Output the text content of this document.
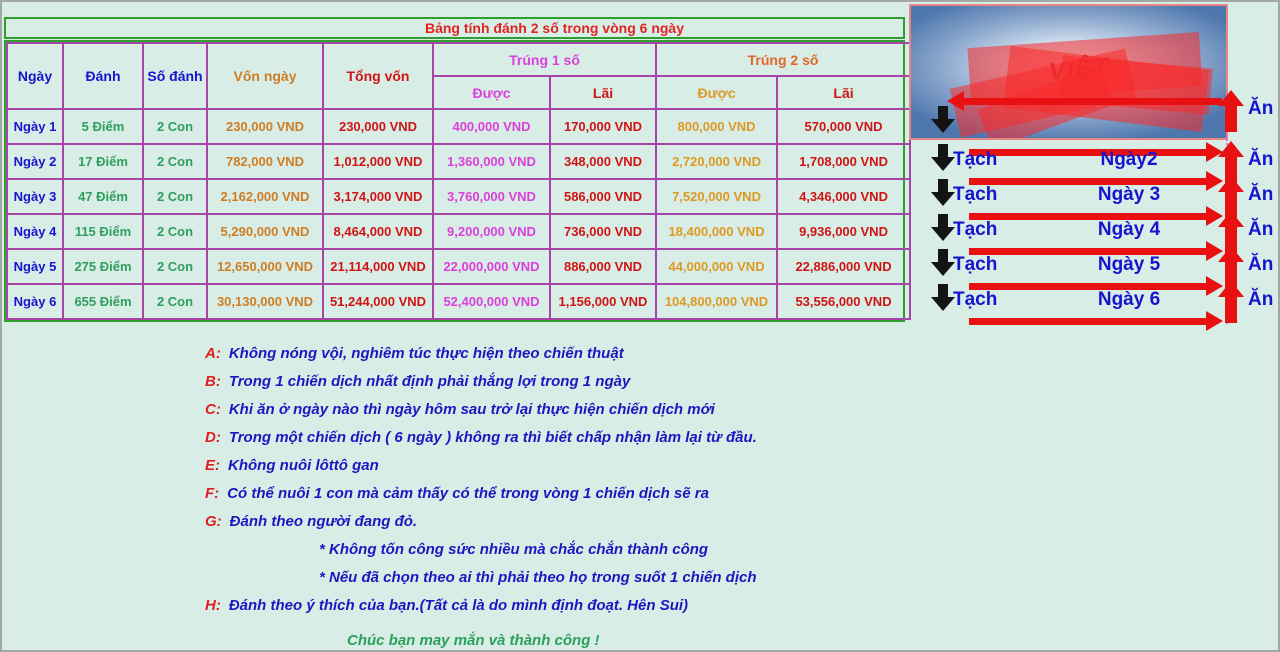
Bảng tính đánh 2 số trong vòng 6 ngày
Ngày	Đánh	Số đánh	Vốn ngày	Tổng vốn	Trúng 1 số		Trúng 2 số	
					Được	Lãi	Được	Lãi
Ngày 1	5 Điểm	2 Con	230,000 VND	230,000 VND	400,000 VND	170,000 VND	800,000 VND	570,000 VND
Ngày 2	17 Điểm	2 Con	782,000 VND	1,012,000 VND	1,360,000 VND	348,000 VND	2,720,000 VND	1,708,000 VND
Ngày 3	47 Điểm	2 Con	2,162,000 VND	3,174,000 VND	3,760,000 VND	586,000 VND	7,520,000 VND	4,346,000 VND
Ngày 4	115 Điểm	2 Con	5,290,000 VND	8,464,000 VND	9,200,000 VND	736,000 VND	18,400,000 VND	9,936,000 VND
Ngày 5	275 Điểm	2 Con	12,650,000 VND	21,114,000 VND	22,000,000 VND	886,000 VND	44,000,000 VND	22,886,000 VND
Ngày 6	655 Điểm	2 Con	30,130,000 VND	51,244,000 VND	52,400,000 VND	1,156,000 VND	104,800,000 VND	53,556,000 VND
Ăn
Ăn
Ăn
Ăn
Ăn
Ăn
Tạch	Ngày2
Tạch	Ngày 3
Tạch	Ngày 4
Tạch	Ngày 5
Tạch	Ngày 6
A: Không nóng vội, nghiêm túc thực hiện theo chiến thuật
B: Trong 1 chiến dịch nhất định phải thắng lợi trong 1 ngày
C: Khi ăn ở ngày nào thì ngày hôm sau trở lại thực hiện chiến dịch mới
D: Trong một chiến dịch ( 6 ngày ) không ra thì biết chấp nhận làm lại từ đầu.
E: Không nuôi lôttô gan
F: Có thể nuôi 1 con mà cảm thấy có thể trong vòng 1 chiến dịch sẽ ra
G: Đánh theo người đang đỏ.
* Không tốn công sức nhiều mà chắc chắn thành công
* Nếu đã chọn theo ai thì phải theo họ trong suốt 1 chiến dịch
H: Đánh theo ý thích của bạn.(Tất cả là do mình định đoạt. Hên Sui)
Chúc bạn may mắn và thành công !
